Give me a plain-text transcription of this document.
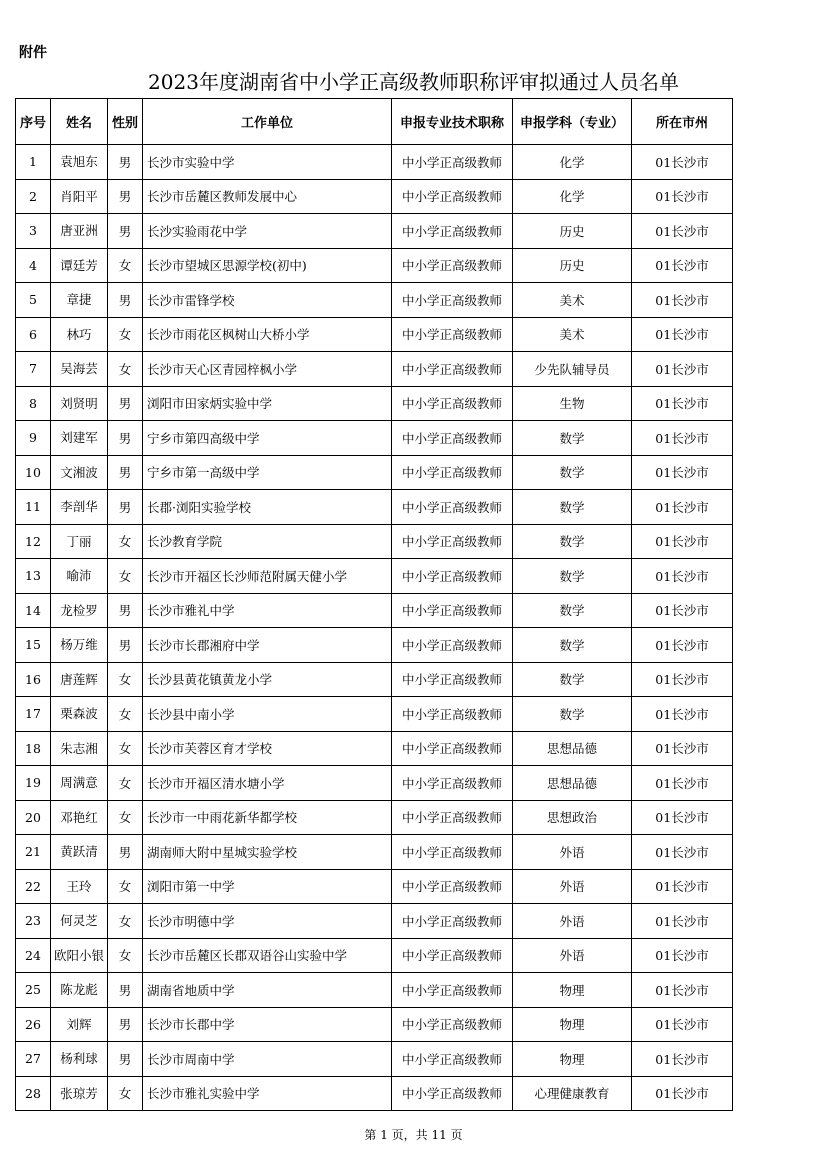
附件
2023年度湖南省中小学正高级教师职称评审拟通过人员名单
序号	姓名	性别	工作单位	申报专业技术职称	申报学科（专业）	所在市州
1	袁旭东	男	长沙市实验中学	中小学正高级教师	化学	01长沙市
2	肖阳平	男	长沙市岳麓区教师发展中心	中小学正高级教师	化学	01长沙市
3	唐亚洲	男	长沙实验雨花中学	中小学正高级教师	历史	01长沙市
4	谭廷芳	女	长沙市望城区思源学校(初中)	中小学正高级教师	历史	01长沙市
5	章捷	男	长沙市雷锋学校	中小学正高级教师	美术	01长沙市
6	林巧	女	长沙市雨花区枫树山大桥小学	中小学正高级教师	美术	01长沙市
7	吴海芸	女	长沙市天心区青园梓枫小学	中小学正高级教师	少先队辅导员	01长沙市
8	刘贤明	男	浏阳市田家炳实验中学	中小学正高级教师	生物	01长沙市
9	刘建军	男	宁乡市第四高级中学	中小学正高级教师	数学	01长沙市
10	文湘波	男	宁乡市第一高级中学	中小学正高级教师	数学	01长沙市
11	李剖华	男	长郡·浏阳实验学校	中小学正高级教师	数学	01长沙市
12	丁丽	女	长沙教育学院	中小学正高级教师	数学	01长沙市
13	喻沛	女	长沙市开福区长沙师范附属天健小学	中小学正高级教师	数学	01长沙市
14	龙检罗	男	长沙市雅礼中学	中小学正高级教师	数学	01长沙市
15	杨万维	男	长沙市长郡湘府中学	中小学正高级教师	数学	01长沙市
16	唐莲辉	女	长沙县黄花镇黄龙小学	中小学正高级教师	数学	01长沙市
17	栗森波	女	长沙县中南小学	中小学正高级教师	数学	01长沙市
18	朱志湘	女	长沙市芙蓉区育才学校	中小学正高级教师	思想品德	01长沙市
19	周满意	女	长沙市开福区清水塘小学	中小学正高级教师	思想品德	01长沙市
20	邓艳红	女	长沙市一中雨花新华都学校	中小学正高级教师	思想政治	01长沙市
21	黄跃清	男	湖南师大附中星城实验学校	中小学正高级教师	外语	01长沙市
22	王玲	女	浏阳市第一中学	中小学正高级教师	外语	01长沙市
23	何灵芝	女	长沙市明德中学	中小学正高级教师	外语	01长沙市
24	欧阳小银	女	长沙市岳麓区长郡双语谷山实验中学	中小学正高级教师	外语	01长沙市
25	陈龙彪	男	湖南省地质中学	中小学正高级教师	物理	01长沙市
26	刘辉	男	长沙市长郡中学	中小学正高级教师	物理	01长沙市
27	杨利球	男	长沙市周南中学	中小学正高级教师	物理	01长沙市
28	张琼芳	女	长沙市雅礼实验中学	中小学正高级教师	心理健康教育	01长沙市
第 1 页，共 11 页
